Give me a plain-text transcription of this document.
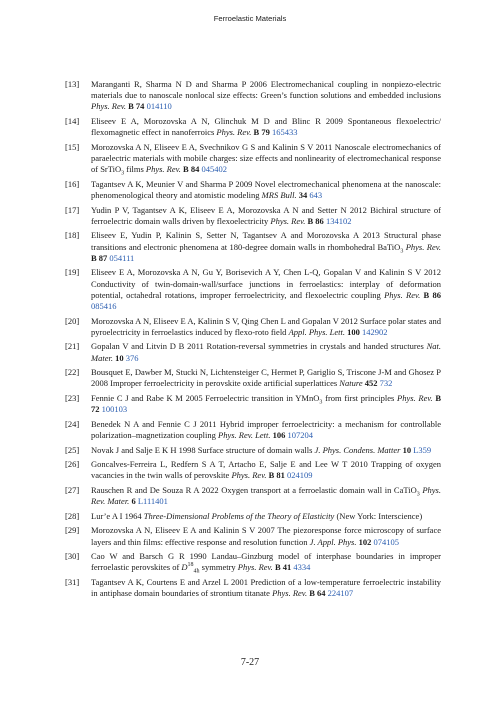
Ferroelastic Materials
[13] Maranganti R, Sharma N D and Sharma P 2006 Electromechanical coupling in nonpiezo-electric materials due to nanoscale nonlocal size effects: Green’s function solutions and embedded inclusions Phys. Rev. B 74 014110
[14] Eliseev E A, Morozovska A N, Glinchuk M D and Blinc R 2009 Spontaneous flexoelectric/ flexomagnetic effect in nanoferroics Phys. Rev. B 79 165433
[15] Morozovska A N, Eliseev E A, Svechnikov G S and Kalinin S V 2011 Nanoscale electromechanics of paraelectric materials with mobile charges: size effects and nonlinearity of electromechanical response of SrTiO$_3$ films Phys. Rev. B 84 045402
[16] Tagantsev A K, Meunier V and Sharma P 2009 Novel electromechanical phenomena at the nanoscale: phenomenological theory and atomistic modeling MRS Bull. 34 643
[17] Yudin P V, Tagantsev A K, Eliseev E A, Morozovska A N and Setter N 2012 Bichiral structure of ferroelectric domain walls driven by flexoelectricity Phys. Rev. B 86 134102
[18] Eliseev E, Yudin P, Kalinin S, Setter N, Tagantsev A and Morozovska A 2013 Structural phase transitions and electronic phenomena at 180-degree domain walls in rhombohedral BaTiO$_3$ Phys. Rev. B 87 054111
[19] Eliseev E A, Morozovska A N, Gu Y, Borisevich A Y, Chen L-Q, Gopalan V and Kalinin S V 2012 Conductivity of twin-domain-wall/surface junctions in ferroelastics: interplay of deformation potential, octahedral rotations, improper ferroelectricity, and flexoelectric coupling Phys. Rev. B 86 085416
[20] Morozovska A N, Eliseev E A, Kalinin S V, Qing Chen L and Gopalan V 2012 Surface polar states and pyroelectricity in ferroelastics induced by flexo-roto field Appl. Phys. Lett. 100 142902
[21] Gopalan V and Litvin D B 2011 Rotation-reversal symmetries in crystals and handed structures Nat. Mater. 10 376
[22] Bousquet E, Dawber M, Stucki N, Lichtensteiger C, Hermet P, Gariglio S, Triscone J-M and Ghosez P 2008 Improper ferroelectricity in perovskite oxide artificial superlattices Nature 452 732
[23] Fennie C J and Rabe K M 2005 Ferroelectric transition in YMnO$_3$ from first principles Phys. Rev. B 72 100103
[24] Benedek N A and Fennie C J 2011 Hybrid improper ferroelectricity: a mechanism for controllable polarization–magnetization coupling Phys. Rev. Lett. 106 107204
[25] Novak J and Salje E K H 1998 Surface structure of domain walls J. Phys. Condens. Matter 10 L359
[26] Goncalves-Ferreira L, Redfern S A T, Artacho E, Salje E and Lee W T 2010 Trapping of oxygen vacancies in the twin walls of perovskite Phys. Rev. B 81 024109
[27] Rauschen R and De Souza R A 2022 Oxygen transport at a ferroelastic domain wall in CaTiO$_3$ Phys. Rev. Mater. 6 L111401
[28] Lur’e A I 1964 Three-Dimensional Problems of the Theory of Elasticity (New York: Interscience)
[29] Morozovska A N, Eliseev E A and Kalinin S V 2007 The piezoresponse force microscopy of surface layers and thin films: effective response and resolution function J. Appl. Phys. 102 074105
[30] Cao W and Barsch G R 1990 Landau–Ginzburg model of interphase boundaries in improper ferroelastic perovskites of $D^{18}_{4h}$ symmetry Phys. Rev. B 41 4334
[31] Tagantsev A K, Courtens E and Arzel L 2001 Prediction of a low-temperature ferroelectric instability in antiphase domain boundaries of strontium titanate Phys. Rev. B 64 224107
7-27
